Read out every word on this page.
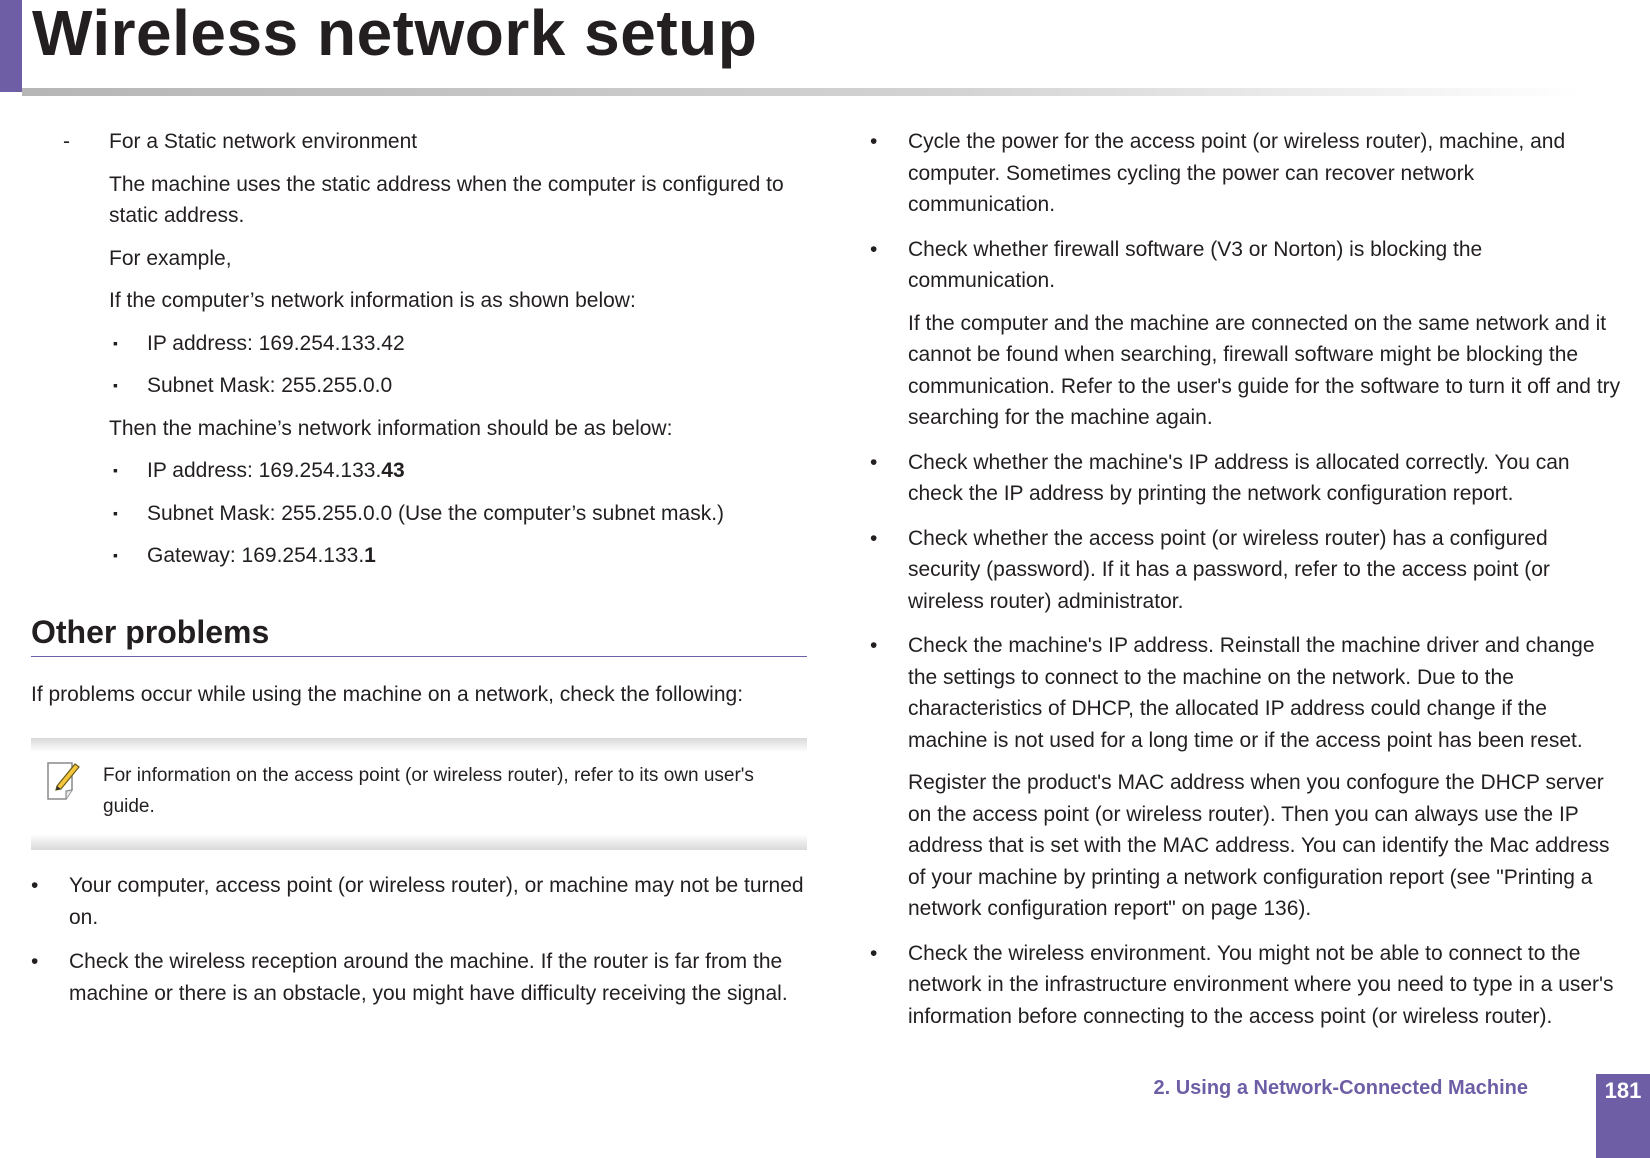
Wireless network setup
- For a Static network environment

The machine uses the static address when the computer is configured to static address.

For example,

If the computer’s network information is as shown below:

▪ IP address: 169.254.133.42
▪ Subnet Mask: 255.255.0.0

Then the machine’s network information should be as below:

▪ IP address: 169.254.133.43
▪ Subnet Mask: 255.255.0.0 (Use the computer’s subnet mask.)
▪ Gateway: 169.254.133.1
Other problems

If problems occur while using the machine on a network, check the following:

For information on the access point (or wireless router), refer to its own user's guide.
• Your computer, access point (or wireless router), or machine may not be turned on.
• Check the wireless reception around the machine. If the router is far from the machine or there is an obstacle, you might have difficulty receiving the signal.
• Cycle the power for the access point (or wireless router), machine, and computer. Sometimes cycling the power can recover network communication.
• Check whether firewall software (V3 or Norton) is blocking the communication.
If the computer and the machine are connected on the same network and it cannot be found when searching, firewall software might be blocking the communication. Refer to the user's guide for the software to turn it off and try searching for the machine again.
• Check whether the machine's IP address is allocated correctly. You can check the IP address by printing the network configuration report.
• Check whether the access point (or wireless router) has a configured security (password). If it has a password, refer to the access point (or wireless router) administrator.
• Check the machine's IP address. Reinstall the machine driver and change the settings to connect to the machine on the network. Due to the characteristics of DHCP, the allocated IP address could change if the machine is not used for a long time or if the access point has been reset.
Register the product's MAC address when you confogure the DHCP server on the access point (or wireless router). Then you can always use the IP address that is set with the MAC address. You can identify the Mac address of your machine by printing a network configuration report (see "Printing a network configuration report" on page 136).
• Check the wireless environment. You might not be able to connect to the network in the infrastructure environment where you need to type in a user's information before connecting to the access point (or wireless router).
2. Using a Network-Connected Machine	181
